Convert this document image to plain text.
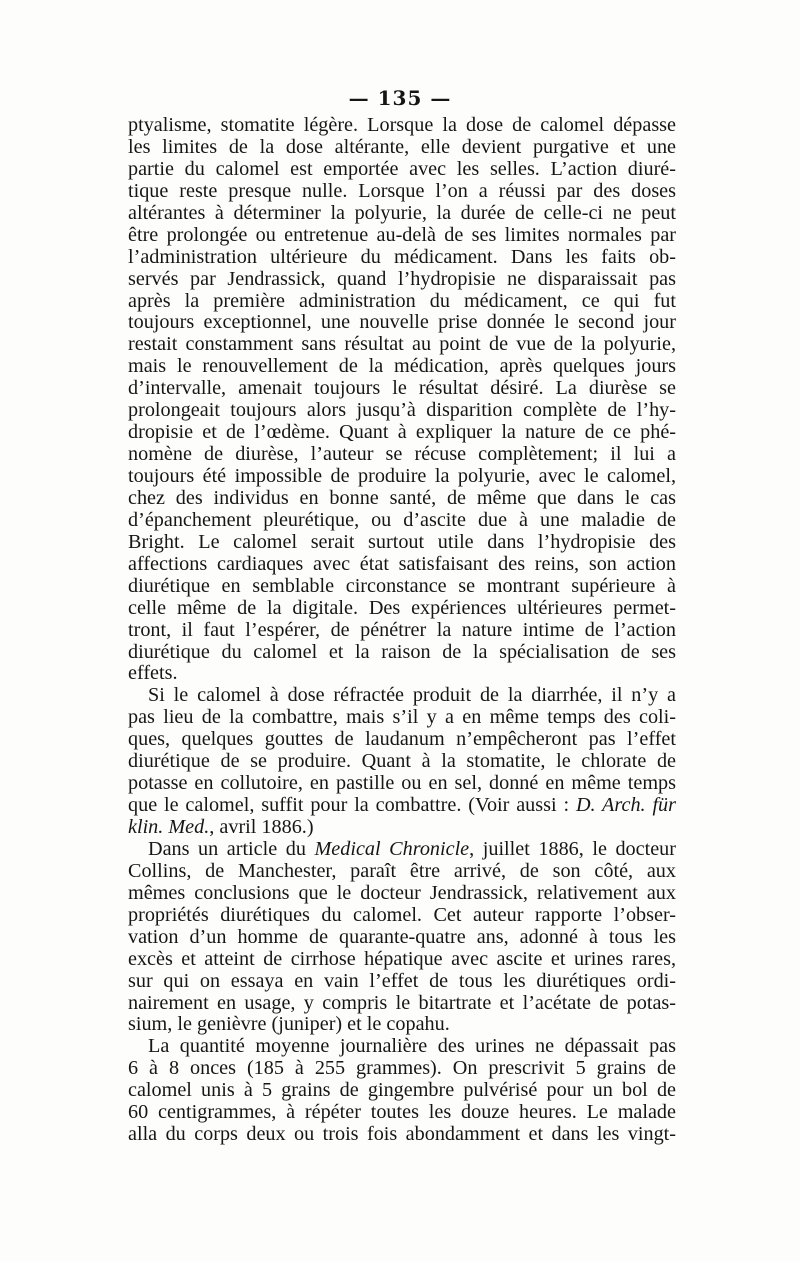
— 135 —
ptyalisme, stomatite légère. Lorsque la dose de calomel dépasse
les limites de la dose altérante, elle devient purgative et une
partie du calomel est emportée avec les selles. L’action diuré-
tique reste presque nulle. Lorsque l’on a réussi par des doses
altérantes à déterminer la polyurie, la durée de celle-ci ne peut
être prolongée ou entretenue au-delà de ses limites normales par
l’administration ultérieure du médicament. Dans les faits ob-
servés par Jendrassick, quand l’hydropisie ne disparaissait pas
après la première administration du médicament, ce qui fut
toujours exceptionnel, une nouvelle prise donnée le second jour
restait constamment sans résultat au point de vue de la polyurie,
mais le renouvellement de la médication, après quelques jours
d’intervalle, amenait toujours le résultat désiré. La diurèse se
prolongeait toujours alors jusqu’à disparition complète de l’hy-
dropisie et de l’œdème. Quant à expliquer la nature de ce phé-
nomène de diurèse, l’auteur se récuse complètement; il lui a
toujours été impossible de produire la polyurie, avec le calomel,
chez des individus en bonne santé, de même que dans le cas
d’épanchement pleurétique, ou d’ascite due à une maladie de
Bright. Le calomel serait surtout utile dans l’hydropisie des
affections cardiaques avec état satisfaisant des reins, son action
diurétique en semblable circonstance se montrant supérieure à
celle même de la digitale. Des expériences ultérieures permet-
tront, il faut l’espérer, de pénétrer la nature intime de l’action
diurétique du calomel et la raison de la spécialisation de ses
effets.
Si le calomel à dose réfractée produit de la diarrhée, il n’y a
pas lieu de la combattre, mais s’il y a en même temps des coli-
ques, quelques gouttes de laudanum n’empêcheront pas l’effet
diurétique de se produire. Quant à la stomatite, le chlorate de
potasse en collutoire, en pastille ou en sel, donné en même temps
que le calomel, suffit pour la combattre. (Voir aussi : D. Arch. für
klin. Med., avril 1886.)
Dans un article du Medical Chronicle, juillet 1886, le docteur
Collins, de Manchester, paraît être arrivé, de son côté, aux
mêmes conclusions que le docteur Jendrassick, relativement aux
propriétés diurétiques du calomel. Cet auteur rapporte l’obser-
vation d’un homme de quarante-quatre ans, adonné à tous les
excès et atteint de cirrhose hépatique avec ascite et urines rares,
sur qui on essaya en vain l’effet de tous les diurétiques ordi-
nairement en usage, y compris le bitartrate et l’acétate de potas-
sium, le genièvre (juniper) et le copahu.
La quantité moyenne journalière des urines ne dépassait pas
6 à 8 onces (185 à 255 grammes). On prescrivit 5 grains de
calomel unis à 5 grains de gingembre pulvérisé pour un bol de
60 centigrammes, à répéter toutes les douze heures. Le malade
alla du corps deux ou trois fois abondamment et dans les vingt-
